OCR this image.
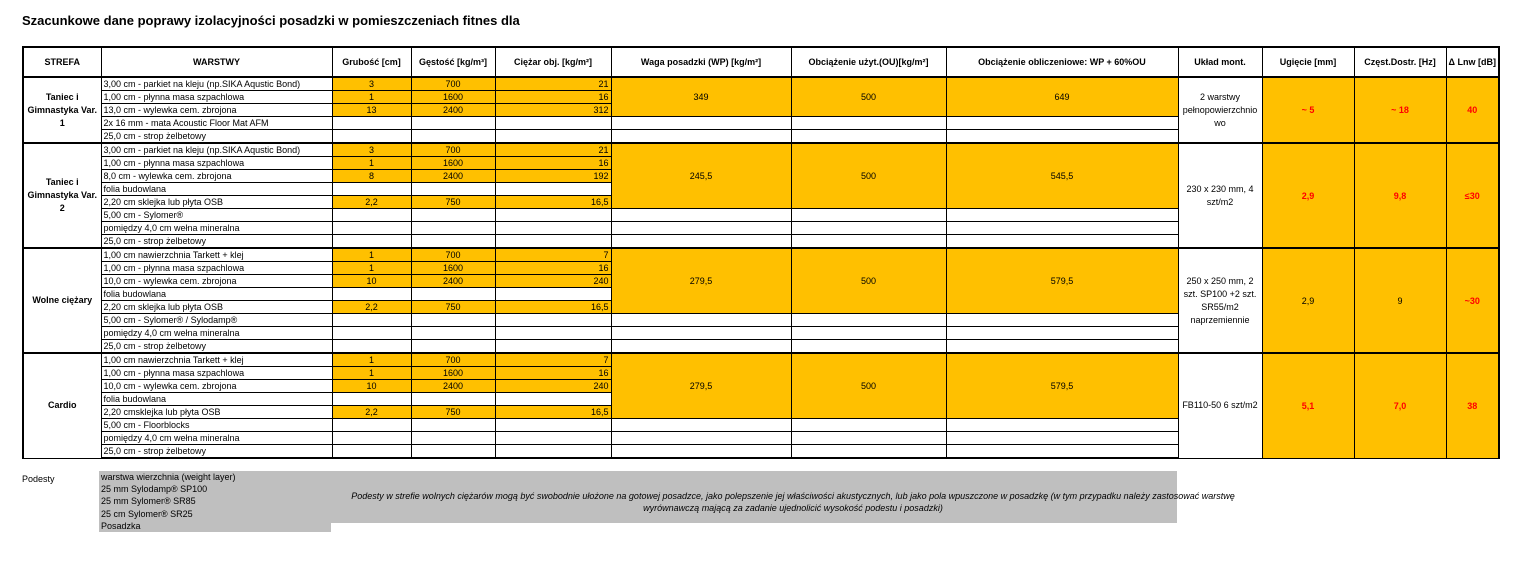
Szacunkowe dane poprawy izolacyjności posadzki w pomieszczeniach fitnes dla
STREFA	WARSTWY	Grubość [cm]	Gęstość [kg/m³]	Ciężar obj. [kg/m²]	Waga posadzki (WP) [kg/m²]	Obciążenie użyt.(OU)[kg/m²]	Obciążenie obliczeniowe: WP + 60%OU	Układ mont.	Ugięcie [mm]	Częst.Dostr. [Hz]	Δ Lnw [dB]
Taniec i Gimnastyka Var. 1	3,00 cm - parkiet na kleju (np.SIKA Aqustic Bond)	3	700	21	349	500	649	2 warstwy pełnopowierzchnio wo	~ 5	~ 18	40
	1,00 cm - płynna masa szpachlowa	1	1600	16							
	13,0 cm - wylewka cem. zbrojona	13	2400	312							
	2x 16 mm - mata Acoustic Floor Mat AFM										
	25,0 cm - strop żelbetowy										
Taniec i Gimnastyka Var. 2	3,00 cm - parkiet na kleju (np.SIKA Aqustic Bond)	3	700	21	245,5	500	545,5	230 x 230 mm, 4 szt/m2	2,9	9,8	≤30
	1,00 cm - płynna masa szpachlowa	1	1600	16							
	8,0 cm - wylewka cem. zbrojona	8	2400	192							
	folia budowlana										
	2,20 cm sklejka lub płyta OSB	2,2	750	16,5							
	5,00 cm - Sylomer®										
	pomiędzy 4,0 cm wełna mineralna										
	25,0 cm - strop żelbetowy										
Wolne ciężary	1,00 cm nawierzchnia Tarkett + klej	1	700	7	279,5	500	579,5	250 x 250 mm, 2 szt. SP100 +2 szt. SR55/m2 naprzemiennie	2,9	9	~30
	1,00 cm - płynna masa szpachlowa	1	1600	16							
	10,0 cm - wylewka cem. zbrojona	10	2400	240							
	folia budowlana										
	2,20 cm sklejka lub płyta OSB	2,2	750	16,5							
	5,00 cm - Sylomer® / Sylodamp®										
	pomiędzy 4,0 cm wełna mineralna										
	25,0 cm - strop żelbetowy										
Cardio	1,00 cm nawierzchnia Tarkett + klej	1	700	7	279,5	500	579,5	FB110-50 6 szt/m2	5,1	7,0	38
	1,00 cm - płynna masa szpachlowa	1	1600	16							
	10,0 cm - wylewka cem. zbrojona	10	2400	240							
	folia budowlana										
	2,20 cmsklejka lub płyta OSB	2,2	750	16,5							
	5,00 cm - Floorblocks										
	pomiędzy 4,0 cm wełna mineralna										
	25,0 cm - strop żelbetowy										
Podesty	warstwa wierzchnia (weight layer)
25 mm Sylodamp® SP100
25 mm Sylomer® SR85
25 cm Sylomer® SR25
Posadzka
Podesty w strefie wolnych ciężarów mogą być swobodnie ułożone na gotowej posadzce, jako polepszenie jej właściwości akustycznych, lub jako pola wpuszczone w posadzkę (w tym przypadku należy zastosować warstwę wyrównawczą mającą za zadanie ujednolicić wysokość podestu i posadzki)
